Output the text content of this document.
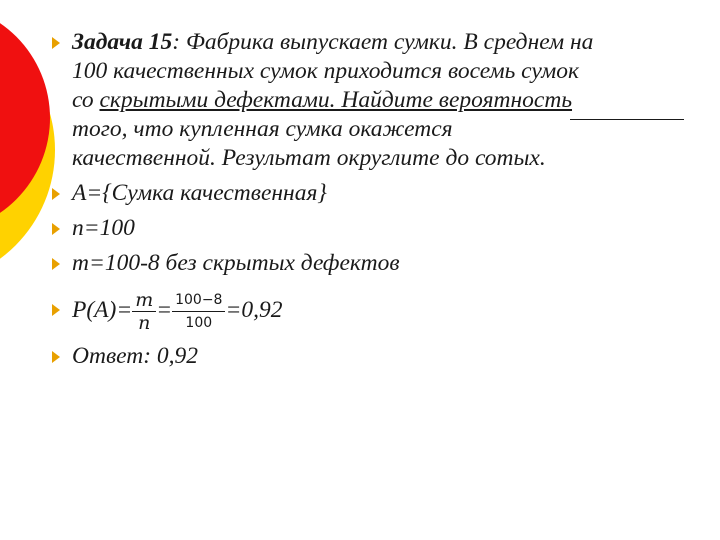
Задача 15: Фабрика выпускает сумки. В среднем на
100 качественных сумок приходится восемь сумок
со скрытыми дефектами. Найдите вероятность
того, что купленная сумка окажется
качественной. Результат округлите до сотых.
A={Сумка качественная}
n=100
m=100-8 без скрытых дефектов
$P(A)= \frac{m}{n} = \frac{100-8}{100} =0,92$
Ответ: 0,92
